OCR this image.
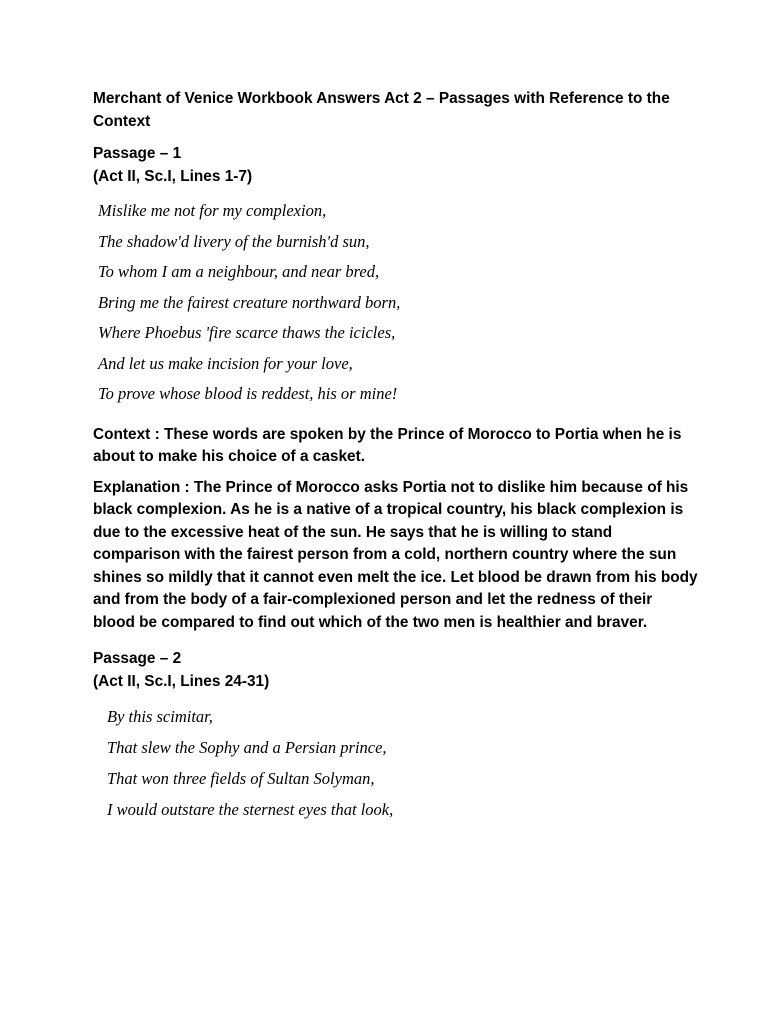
Merchant of Venice Workbook Answers Act 2 – Passages with Reference to the Context

Passage – 1

(Act II, Sc.I, Lines 1-7)

Mislike me not for my complexion,
The shadow'd livery of the burnish'd sun,
To whom I am a neighbour, and near bred,
Bring me the fairest creature northward born,
Where Phoebus 'fire scarce thaws the icicles,
And let us make incision for your love,
To prove whose blood is reddest, his or mine!

Context : These words are spoken by the Prince of Morocco to Portia when he is about to make his choice of a casket.

Explanation : The Prince of Morocco asks Portia not to dislike him because of his black complexion. As he is a native of a tropical country, his black complexion is due to the excessive heat of the sun. He says that he is willing to stand comparison with the fairest person from a cold, northern country where the sun shines so mildly that it cannot even melt the ice. Let blood be drawn from his body and from the body of a fair-complexioned person and let the redness of their blood be compared to find out which of the two men is healthier and braver.

Passage – 2

(Act II, Sc.I, Lines 24-31)

By this scimitar,
That slew the Sophy and a Persian prince,
That won three fields of Sultan Solyman,
I would outstare the sternest eyes that look,
